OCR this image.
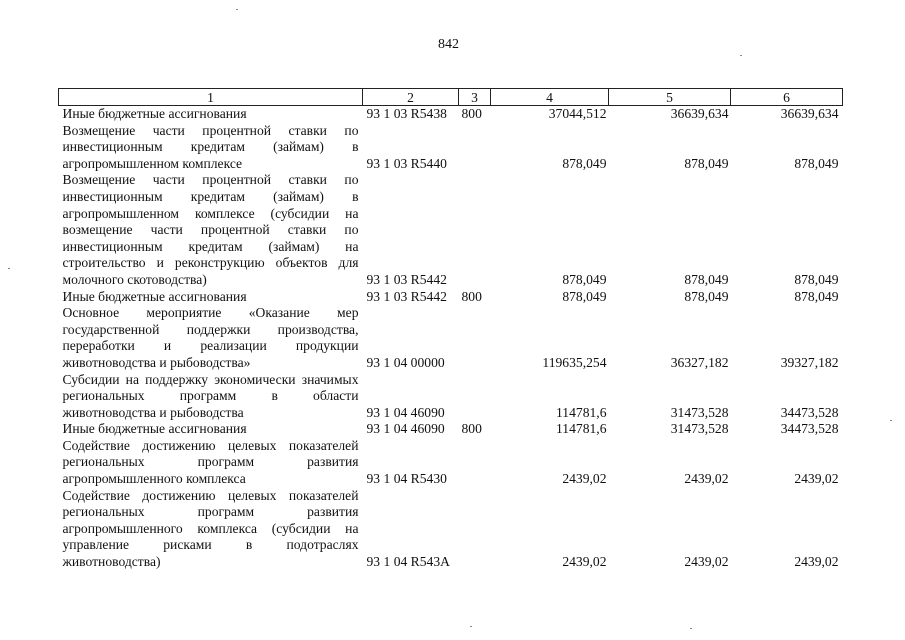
842
1	2	3	4	5	6
Иные бюджетные ассигнования	93 1 03 R5438	800	37044,512	36639,634	36639,634
Возмещение части процентной ставки по инвестиционным кредитам (займам) в агропромышленном комплексе	93 1 03 R5440		878,049	878,049	878,049
Возмещение части процентной ставки по инвестиционным кредитам (займам) в агропромышленном комплексе (субсидии на возмещение части процентной ставки по инвестиционным кредитам (займам) на строительство и реконструкцию объектов для молочного скотоводства)	93 1 03 R5442		878,049	878,049	878,049
Иные бюджетные ассигнования	93 1 03 R5442	800	878,049	878,049	878,049
Основное мероприятие «Оказание мер государственной поддержки производства, переработки и реализации продукции животноводства и рыбоводства»	93 1 04 00000		119635,254	36327,182	39327,182
Субсидии на поддержку экономически значимых региональных программ в области животноводства и рыбоводства	93 1 04 46090		114781,6	31473,528	34473,528
Иные бюджетные ассигнования	93 1 04 46090	800	114781,6	31473,528	34473,528
Содействие достижению целевых показателей региональных программ развития агропромышленного комплекса	93 1 04 R5430		2439,02	2439,02	2439,02
Содействие достижению целевых показателей региональных программ развития агропромышленного комплекса (субсидии на управление рисками в подотраслях животноводства)	93 1 04 R543A		2439,02	2439,02	2439,02
